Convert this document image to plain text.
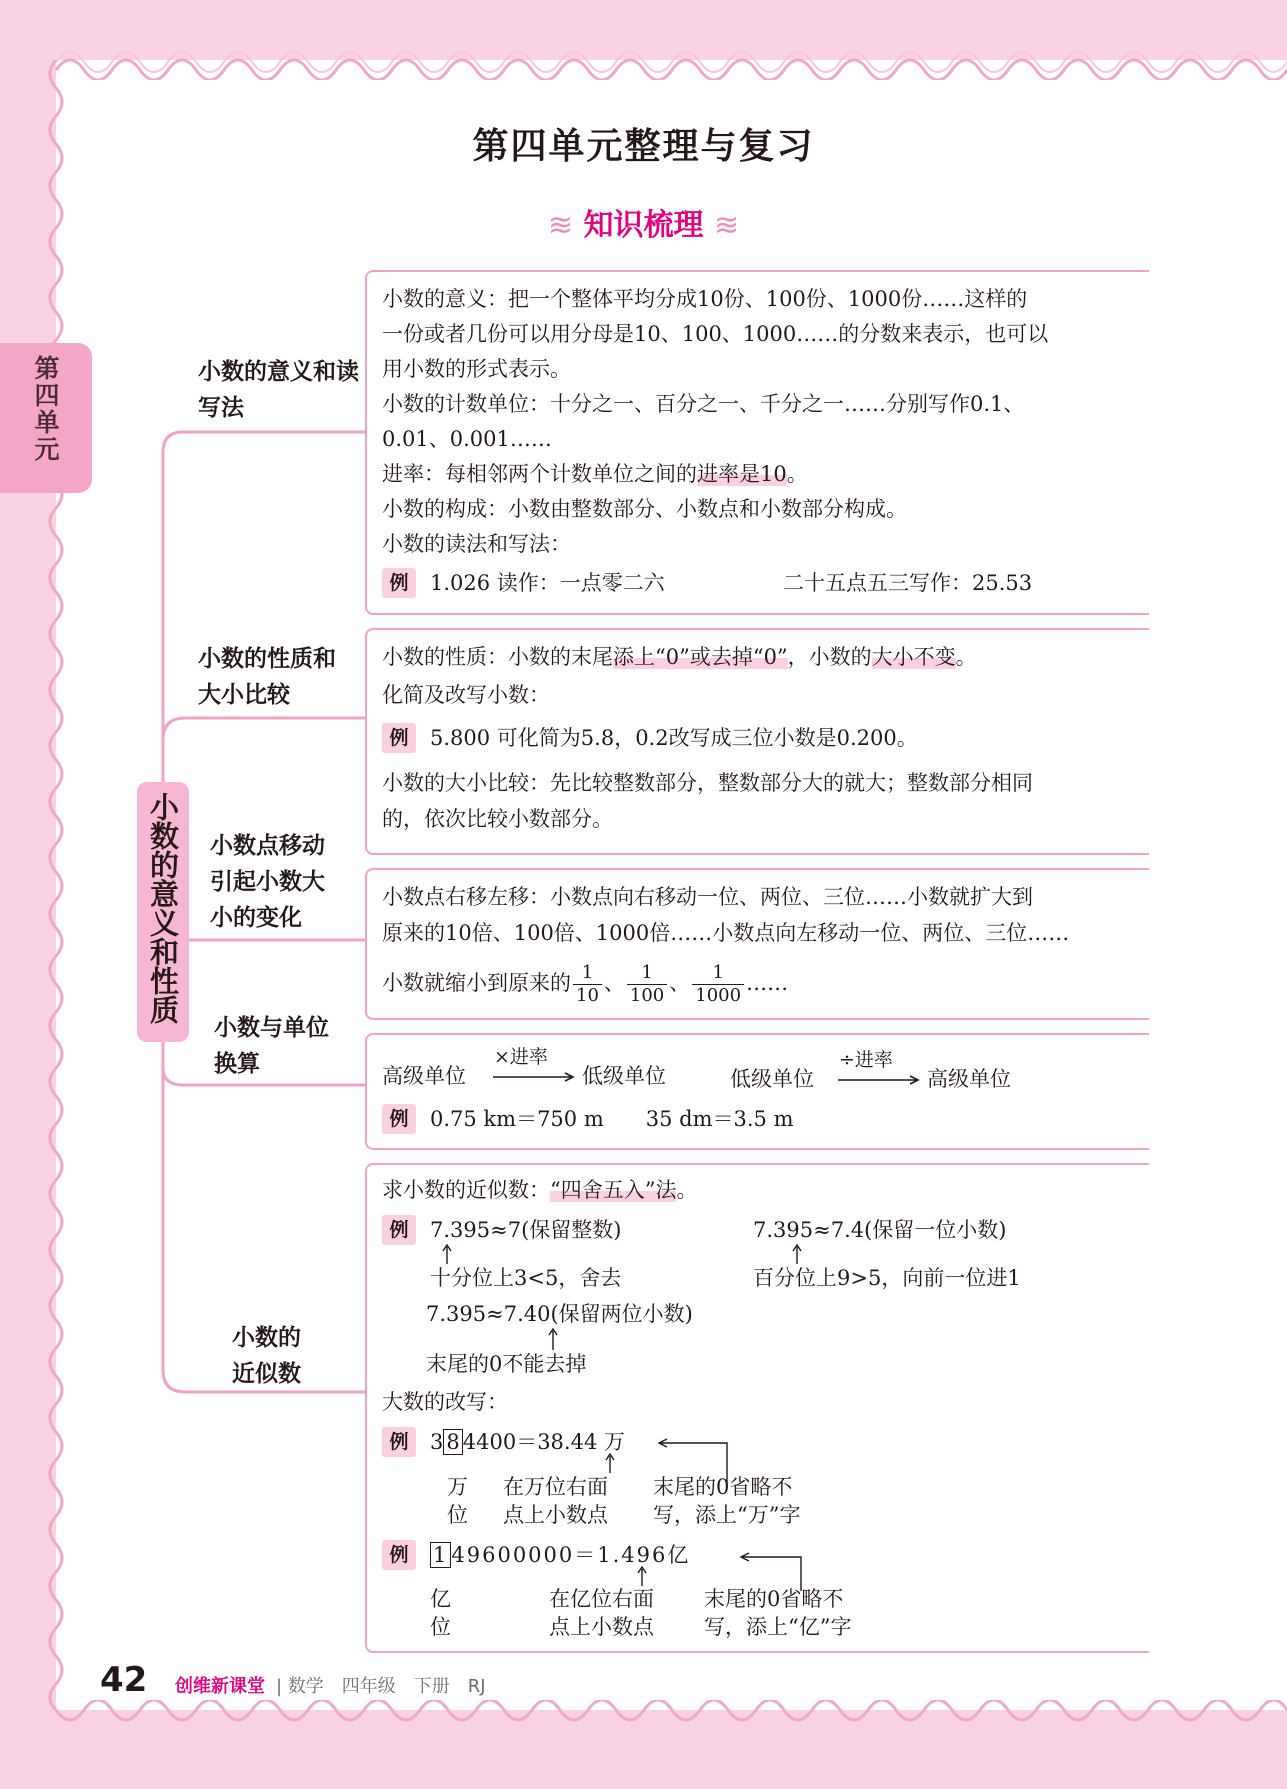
第四单元
第四单元整理与复习
≋ 知识梳理 ≋
小数的意义和性质
小数的意义和读写法
小数的性质和大小比较
小数点移动引起小数大小的变化
小数与单位换算
小数的近似数
小数的意义：把一个整体平均分成10份、100份、1000份……这样的
一份或者几份可以用分母是10、100、1000……的分数来表示，也可以
用小数的形式表示。
小数的计数单位：十分之一、百分之一、千分之一……分别写作0.1、
0.01、0.001……
进率：每相邻两个计数单位之间的进率是10。
小数的构成：小数由整数部分、小数点和小数部分构成。
小数的读法和写法：
例	1.026 读作：一点零二六	二十五点五三写作：25.53
小数的性质：小数的末尾添上“0”或去掉“0”，小数的大小不变。
化简及改写小数：
例	5.800 可化简为5.8，0.2改写成三位小数是0.200。
小数的大小比较：先比较整数部分，整数部分大的就大；整数部分相同
的，依次比较小数部分。
小数点右移左移：小数点向右移动一位、两位、三位……小数就扩大到
原来的10倍、100倍、1000倍……小数点向左移动一位、两位、三位……
小数就缩小到原来的 $\frac{1}{10}$ 、 $\frac{1}{100}$ 、 $\frac{1}{1000}$ ……
高级单位
×进率
低级单位	低级单位
÷进率
高级单位
例	0.75 km＝750 m　　35 dm＝3.5 m
求小数的近似数：“四舍五入”法。
例	7.395≈7(保留整数)
十分位上3<5，舍去
7.395≈7.4(保留一位小数)
百分位上9>5，向前一位进1
7.395≈7.40(保留两位小数)
末尾的0不能去掉
大数的改写：
例	3 8 4400＝38.44 万
万
位
在万位右面
点上小数点
末尾的0省略不
写，添上“万”字
例	1 49600000＝1.496亿
亿
位
在亿位右面
点上小数点
末尾的0省略不
写，添上“亿”字
42 创维新课堂 | 数学　四年级　下册　RJ
